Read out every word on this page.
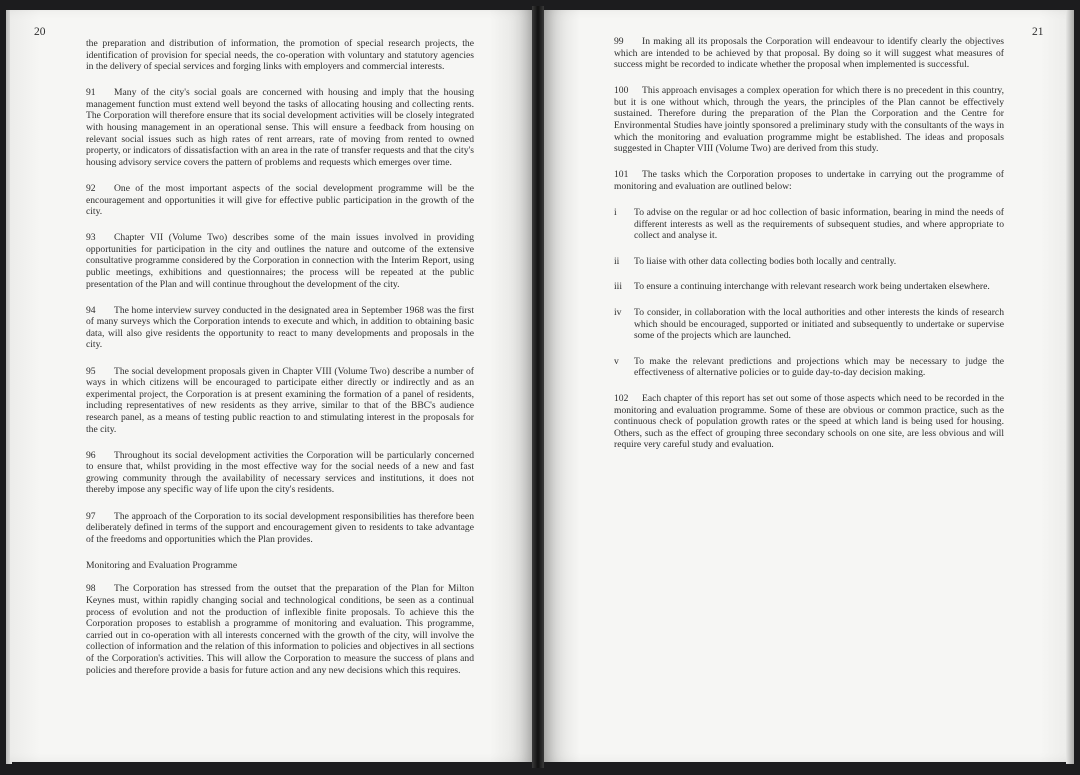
20	21

the preparation and distribution of information, the promotion of special research projects, the identification of provision for special needs, the co-operation with voluntary and statutory agencies in the delivery of special services and forging links with employers and commercial interests.

91 Many of the city's social goals are concerned with housing and imply that the housing management function must extend well beyond the tasks of allocating housing and collecting rents. The Corporation will therefore ensure that its social development activities will be closely integrated with housing management in an operational sense. This will ensure a feedback from housing on relevant social issues such as high rates of rent arrears, rate of moving from rented to owned property, or indicators of dissatisfaction with an area in the rate of transfer requests and that the city's housing advisory service covers the pattern of problems and requests which emerges over time.

92 One of the most important aspects of the social development programme will be the encouragement and opportunities it will give for effective public participation in the growth of the city.

93 Chapter VII (Volume Two) describes some of the main issues involved in providing opportunities for participation in the city and outlines the nature and outcome of the extensive consultative programme considered by the Corporation in connection with the Interim Report, using public meetings, exhibitions and questionnaires; the process will be repeated at the public presentation of the Plan and will continue throughout the development of the city.

94 The home interview survey conducted in the designated area in September 1968 was the first of many surveys which the Corporation intends to execute and which, in addition to obtaining basic data, will also give residents the opportunity to react to many developments and proposals in the city.

95 The social development proposals given in Chapter VIII (Volume Two) describe a number of ways in which citizens will be encouraged to participate either directly or indirectly and as an experimental project, the Corporation is at present examining the formation of a panel of residents, including representatives of new residents as they arrive, similar to that of the BBC's audience research panel, as a means of testing public reaction to and stimulating interest in the proposals for the city.

96 Throughout its social development activities the Corporation will be particularly concerned to ensure that, whilst providing in the most effective way for the social needs of a new and fast growing community through the availability of necessary services and institutions, it does not thereby impose any specific way of life upon the city's residents.

97 The approach of the Corporation to its social development responsibilities has therefore been deliberately defined in terms of the support and encouragement given to residents to take advantage of the freedoms and opportunities which the Plan provides.

Monitoring and Evaluation Programme

98 The Corporation has stressed from the outset that the preparation of the Plan for Milton Keynes must, within rapidly changing social and technological conditions, be seen as a continual process of evolution and not the production of inflexible finite proposals. To achieve this the Corporation proposes to establish a programme of monitoring and evaluation. This programme, carried out in co-operation with all interests concerned with the growth of the city, will involve the collection of information and the relation of this information to policies and objectives in all sections of the Corporation's activities. This will allow the Corporation to measure the success of plans and policies and therefore provide a basis for future action and any new decisions which this requires.

99 In making all its proposals the Corporation will endeavour to identify clearly the objectives which are intended to be achieved by that proposal. By doing so it will suggest what measures of success might be recorded to indicate whether the proposal when implemented is successful.

100 This approach envisages a complex operation for which there is no precedent in this country, but it is one without which, through the years, the principles of the Plan cannot be effectively sustained. Therefore during the preparation of the Plan the Corporation and the Centre for Environmental Studies have jointly sponsored a preliminary study with the consultants of the ways in which the monitoring and evaluation programme might be established. The ideas and proposals suggested in Chapter VIII (Volume Two) are derived from this study.

101 The tasks which the Corporation proposes to undertake in carrying out the programme of monitoring and evaluation are outlined below:

i To advise on the regular or ad hoc collection of basic information, bearing in mind the needs of different interests as well as the requirements of subsequent studies, and where appropriate to collect and analyse it.
ii To liaise with other data collecting bodies both locally and centrally.
iii To ensure a continuing interchange with relevant research work being undertaken elsewhere.
iv To consider, in collaboration with the local authorities and other interests the kinds of research which should be encouraged, supported or initiated and subsequently to undertake or supervise some of the projects which are launched.
v To make the relevant predictions and projections which may be necessary to judge the effectiveness of alternative policies or to guide day-to-day decision making.

102 Each chapter of this report has set out some of those aspects which need to be recorded in the monitoring and evaluation programme. Some of these are obvious or common practice, such as the continuous check of population growth rates or the speed at which land is being used for housing. Others, such as the effect of grouping three secondary schools on one site, are less obvious and will require very careful study and evaluation.
